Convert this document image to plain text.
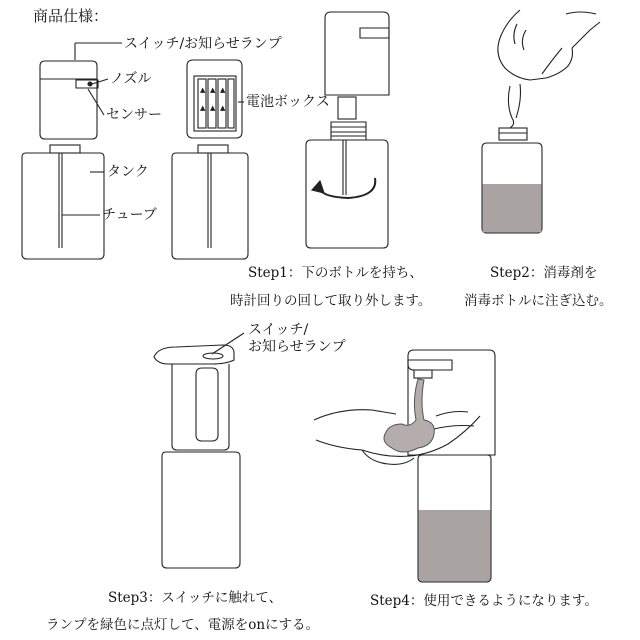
▲ ▲ ▲
▲ ▲ ▲
商品仕様：
スイッチ/お知らせランプ
ノズル
センサー
電池ボックス
タンク
チューブ
Step1：下のボトルを持ち、
時計回りの回して取り外します。
Step2：消毒剤を
消毒ボトルに注ぎ込む。
スイッチ/
お知らせランプ
Step3：スイッチに触れて、
ランプを緑色に点灯して、電源をonにする。
Step4：使用できるようになります。
